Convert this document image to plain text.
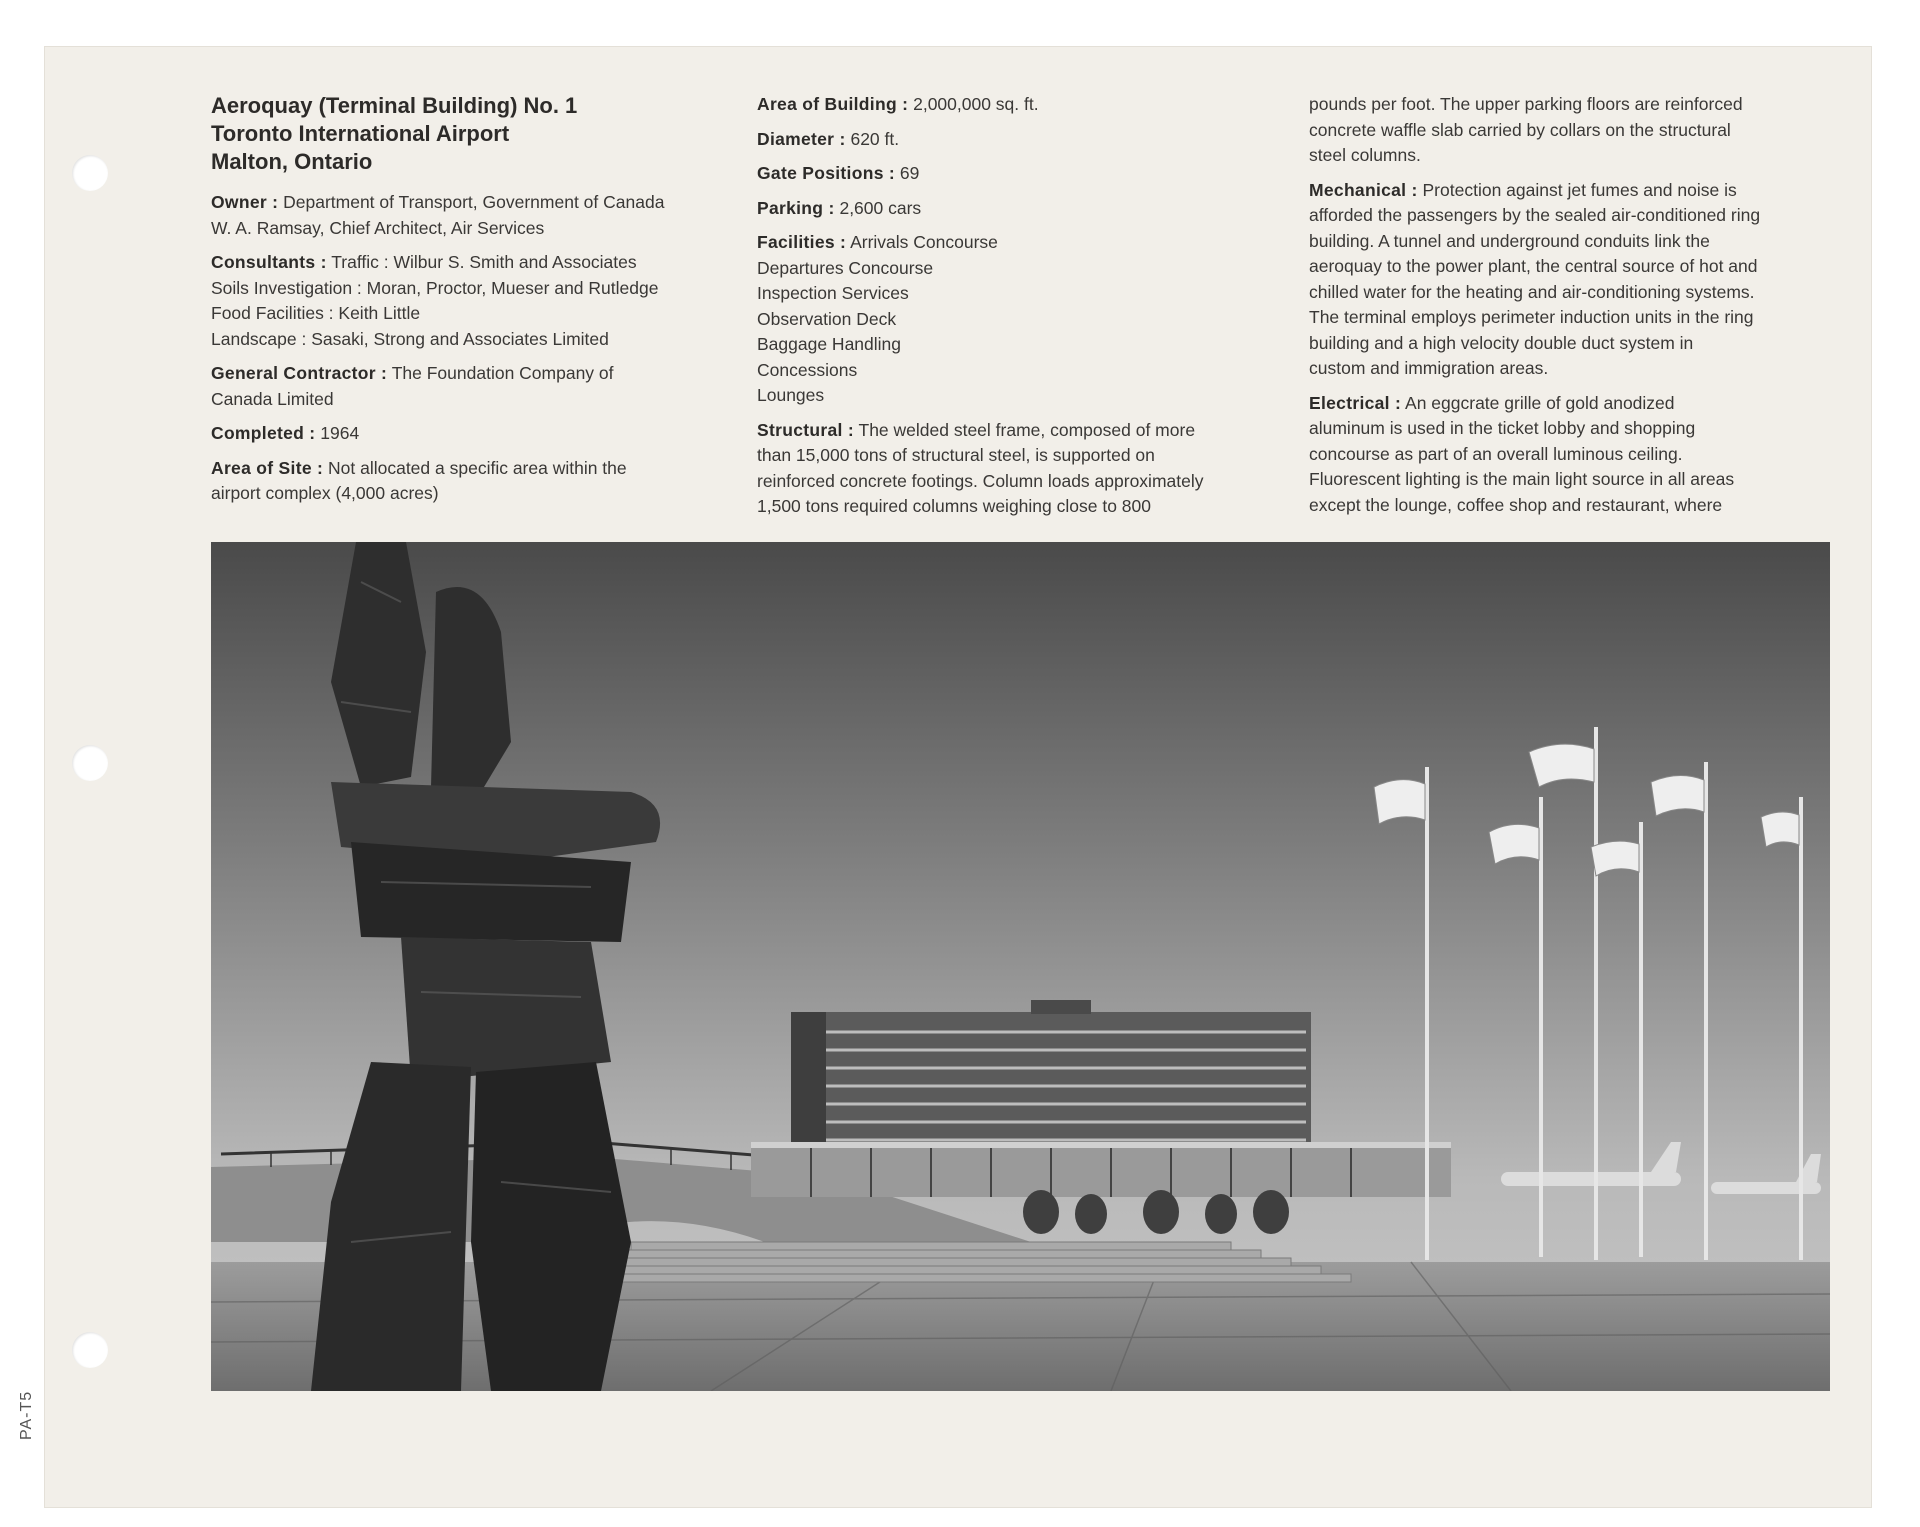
Aeroquay (Terminal Building) No. 1
Toronto International Airport
Malton, Ontario
Owner : Department of Transport, Government of Canada
W. A. Ramsay, Chief Architect, Air Services
Consultants : Traffic : Wilbur S. Smith and Associates
Soils Investigation : Moran, Proctor, Mueser and Rutledge
Food Facilities : Keith Little
Landscape : Sasaki, Strong and Associates Limited
General Contractor : The Foundation Company of
Canada Limited
Completed : 1964
Area of Site : Not allocated a specific area within the
airport complex (4,000 acres)
Area of Building : 2,000,000 sq. ft.
Diameter : 620 ft.
Gate Positions : 69
Parking : 2,600 cars
Facilities : Arrivals Concourse
Departures Concourse
Inspection Services
Observation Deck
Baggage Handling
Concessions
Lounges
Structural : The welded steel frame, composed of more
than 15,000 tons of structural steel, is supported on
reinforced concrete footings. Column loads approximately
1,500 tons required columns weighing close to 800
pounds per foot. The upper parking floors are reinforced
concrete waffle slab carried by collars on the structural
steel columns.
Mechanical : Protection against jet fumes and noise is
afforded the passengers by the sealed air-conditioned ring
building. A tunnel and underground conduits link the
aeroquay to the power plant, the central source of hot and
chilled water for the heating and air-conditioning systems.
The terminal employs perimeter induction units in the ring
building and a high velocity double duct system in
custom and immigration areas.
Electrical : An eggcrate grille of gold anodized
aluminum is used in the ticket lobby and shopping
concourse as part of an overall luminous ceiling.
Fluorescent lighting is the main light source in all areas
except the lounge, coffee shop and restaurant, where
PA-T5
